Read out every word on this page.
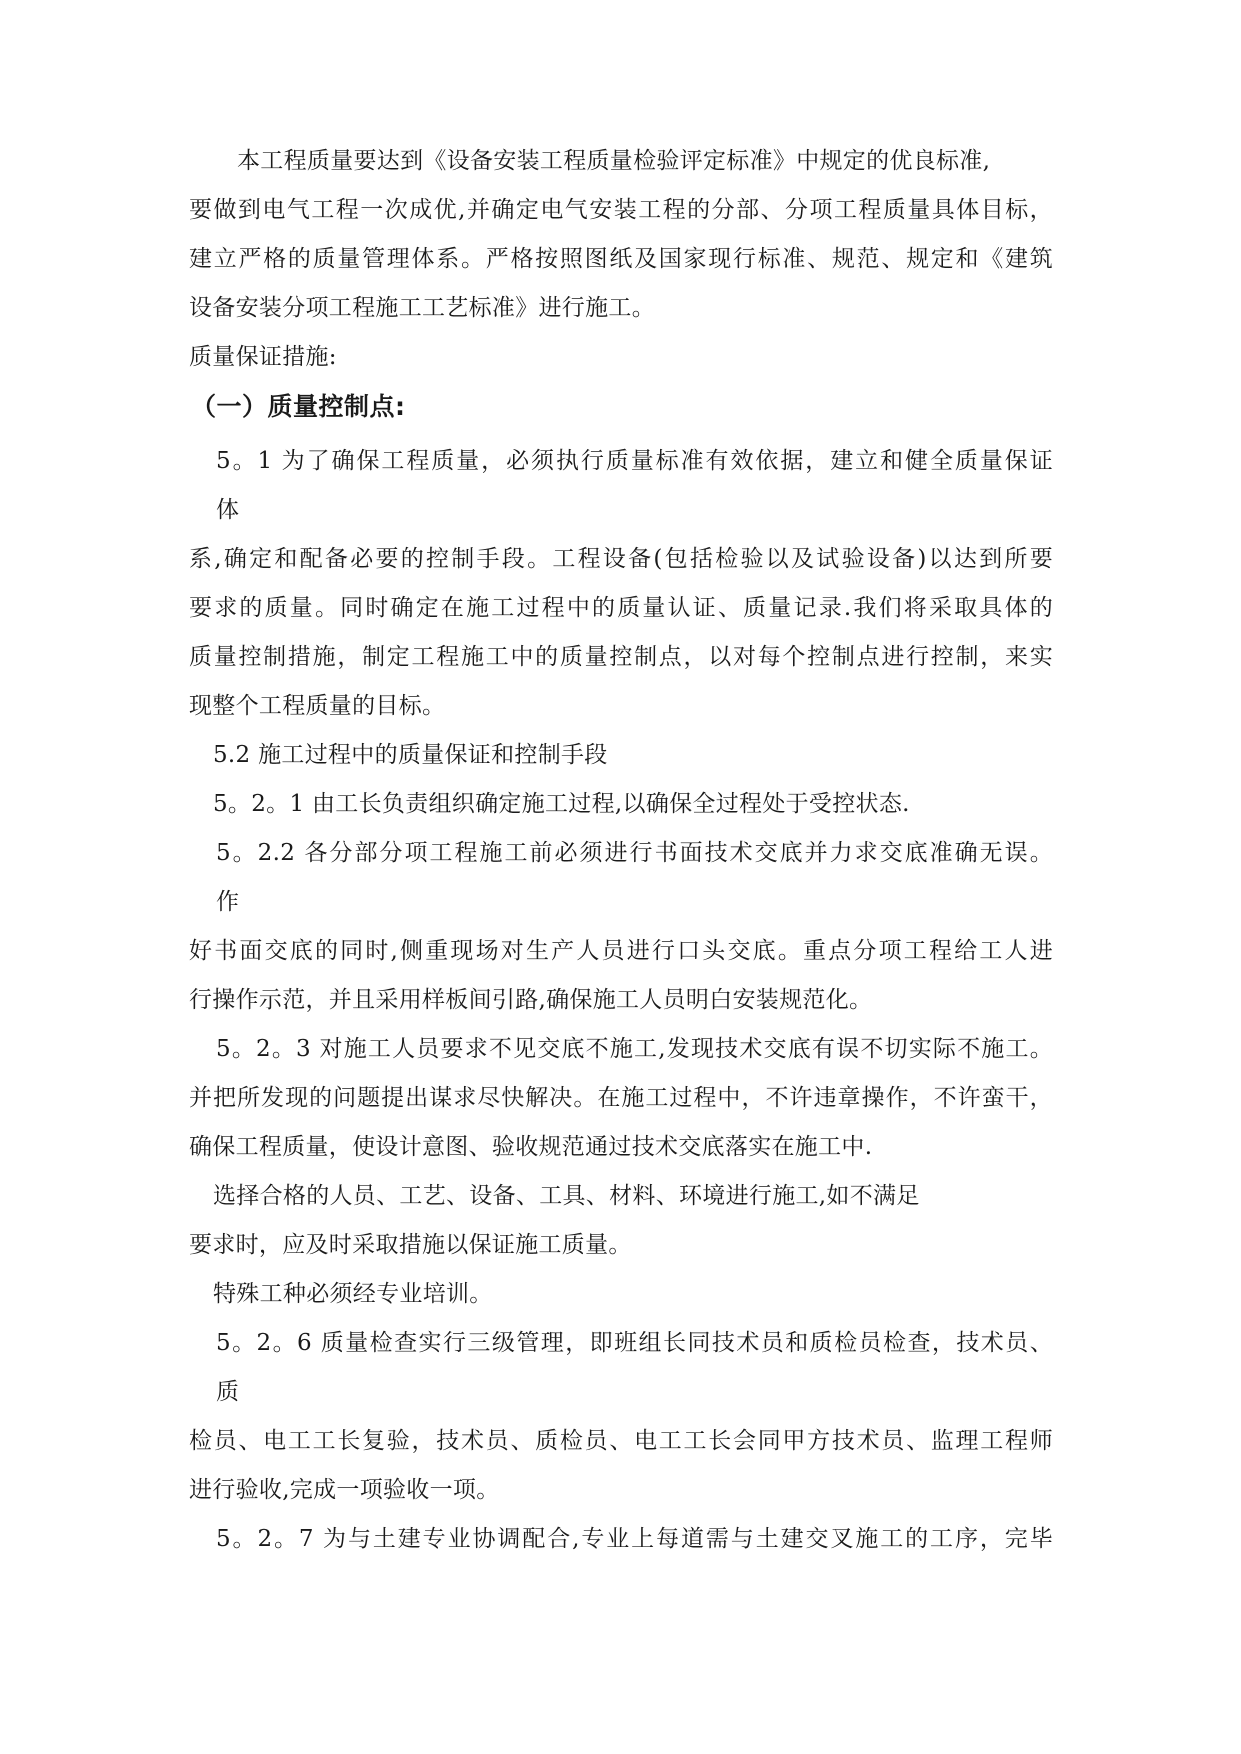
本工程质量要达到《设备安装工程质量检验评定标准》中规定的优良标准,
要做到电气工程一次成优,并确定电气安装工程的分部、分项工程质量具体目标，
建立严格的质量管理体系。严格按照图纸及国家现行标准、规范、规定和《建筑
设备安装分项工程施工工艺标准》进行施工。
质量保证措施:
（一）质量控制点:
5。1 为了确保工程质量，必须执行质量标准有效依据，建立和健全质量保证
体
系,确定和配备必要的控制手段。工程设备(包括检验以及试验设备)以达到所要
要求的质量。同时确定在施工过程中的质量认证、质量记录.我们将采取具体的
质量控制措施，制定工程施工中的质量控制点，以对每个控制点进行控制，来实
现整个工程质量的目标。
5.2 施工过程中的质量保证和控制手段
5。2。1 由工长负责组织确定施工过程,以确保全过程处于受控状态.
5。2.2 各分部分项工程施工前必须进行书面技术交底并力求交底准确无误。
作
好书面交底的同时,侧重现场对生产人员进行口头交底。重点分项工程给工人进
行操作示范，并且采用样板间引路,确保施工人员明白安装规范化。
5。2。3 对施工人员要求不见交底不施工,发现技术交底有误不切实际不施工。
并把所发现的问题提出谋求尽快解决。在施工过程中，不许违章操作，不许蛮干，
确保工程质量，使设计意图、验收规范通过技术交底落实在施工中.
选择合格的人员、工艺、设备、工具、材料、环境进行施工,如不满足
要求时，应及时采取措施以保证施工质量。
特殊工种必须经专业培训。
5。2。6 质量检查实行三级管理，即班组长同技术员和质检员检查，技术员、
质
检员、电工工长复验，技术员、质检员、电工工长会同甲方技术员、监理工程师
进行验收,完成一项验收一项。
5。2。7 为与土建专业协调配合,专业上每道需与土建交叉施工的工序，完毕
